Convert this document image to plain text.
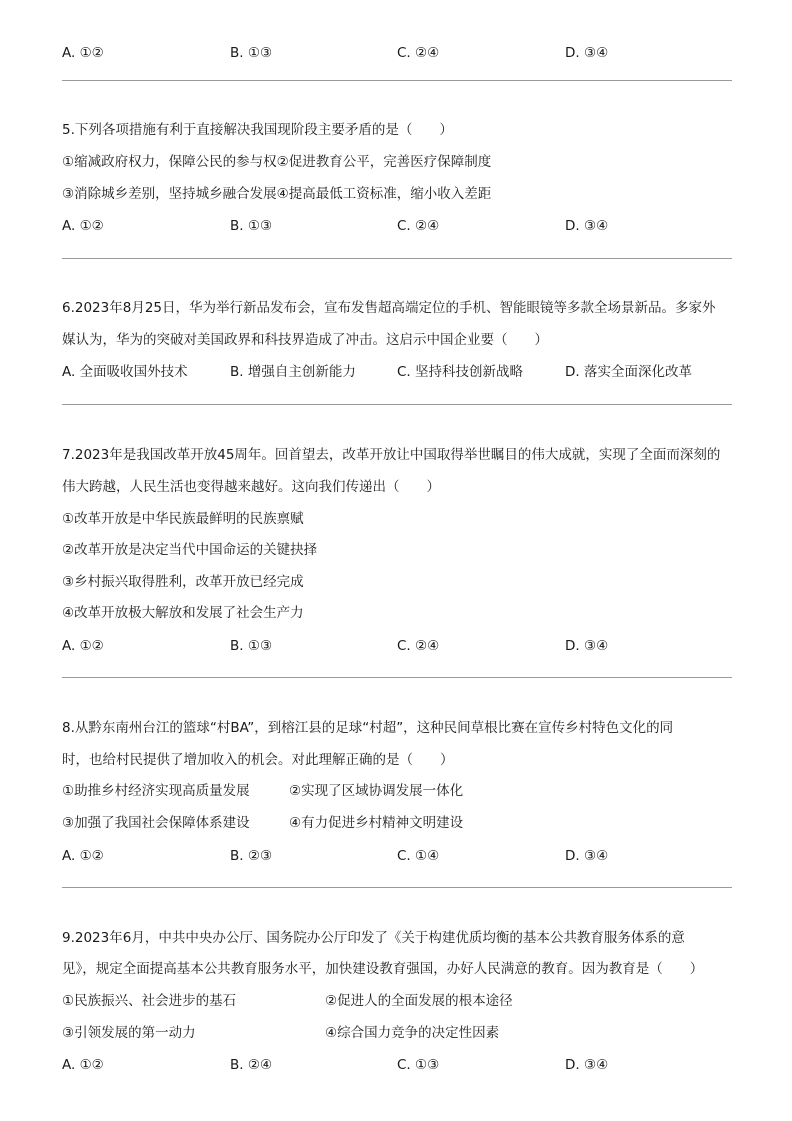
A. ①②	B. ①③	C. ②④	D. ③④
5.下列各项措施有利于直接解决我国现阶段主要矛盾的是（　　）
①缩减政府权力，保障公民的参与权②促进教育公平，完善医疗保障制度
③消除城乡差别，坚持城乡融合发展④提高最低工资标准，缩小收入差距
A. ①②	B. ①③	C. ②④	D. ③④
6.2023年8月25日，华为举行新品发布会，宣布发售超高端定位的手机、智能眼镜等多款全场景新品。多家外
媒认为，华为的突破对美国政界和科技界造成了冲击。这启示中国企业要（　　）
A. 全面吸收国外技术	B. 增强自主创新能力	C. 坚持科技创新战略	D. 落实全面深化改革
7.2023年是我国改革开放45周年。回首望去，改革开放让中国取得举世瞩目的伟大成就，实现了全面而深刻的
伟大跨越，人民生活也变得越来越好。这向我们传递出（　　）
①改革开放是中华民族最鲜明的民族禀赋
②改革开放是决定当代中国命运的关键抉择
③乡村振兴取得胜利，改革开放已经完成
④改革开放极大解放和发展了社会生产力
A. ①②	B. ①③	C. ②④	D. ③④
8.从黔东南州台江的篮球“村BA”，到榕江县的足球“村超”，这种民间草根比赛在宣传乡村特色文化的同
时，也给村民提供了增加收入的机会。对此理解正确的是（　　）
①助推乡村经济实现高质量发展	②实现了区域协调发展一体化
③加强了我国社会保障体系建设	④有力促进乡村精神文明建设
A. ①②	B. ②③	C. ①④	D. ③④
9.2023年6月，中共中央办公厅、国务院办公厅印发了《关于构建优质均衡的基本公共教育服务体系的意
见》，规定全面提高基本公共教育服务水平，加快建设教育强国，办好人民满意的教育。因为教育是（　　）
①民族振兴、社会进步的基石	②促进人的全面发展的根本途径
③引领发展的第一动力	④综合国力竞争的决定性因素
A. ①②	B. ②④	C. ①③	D. ③④
